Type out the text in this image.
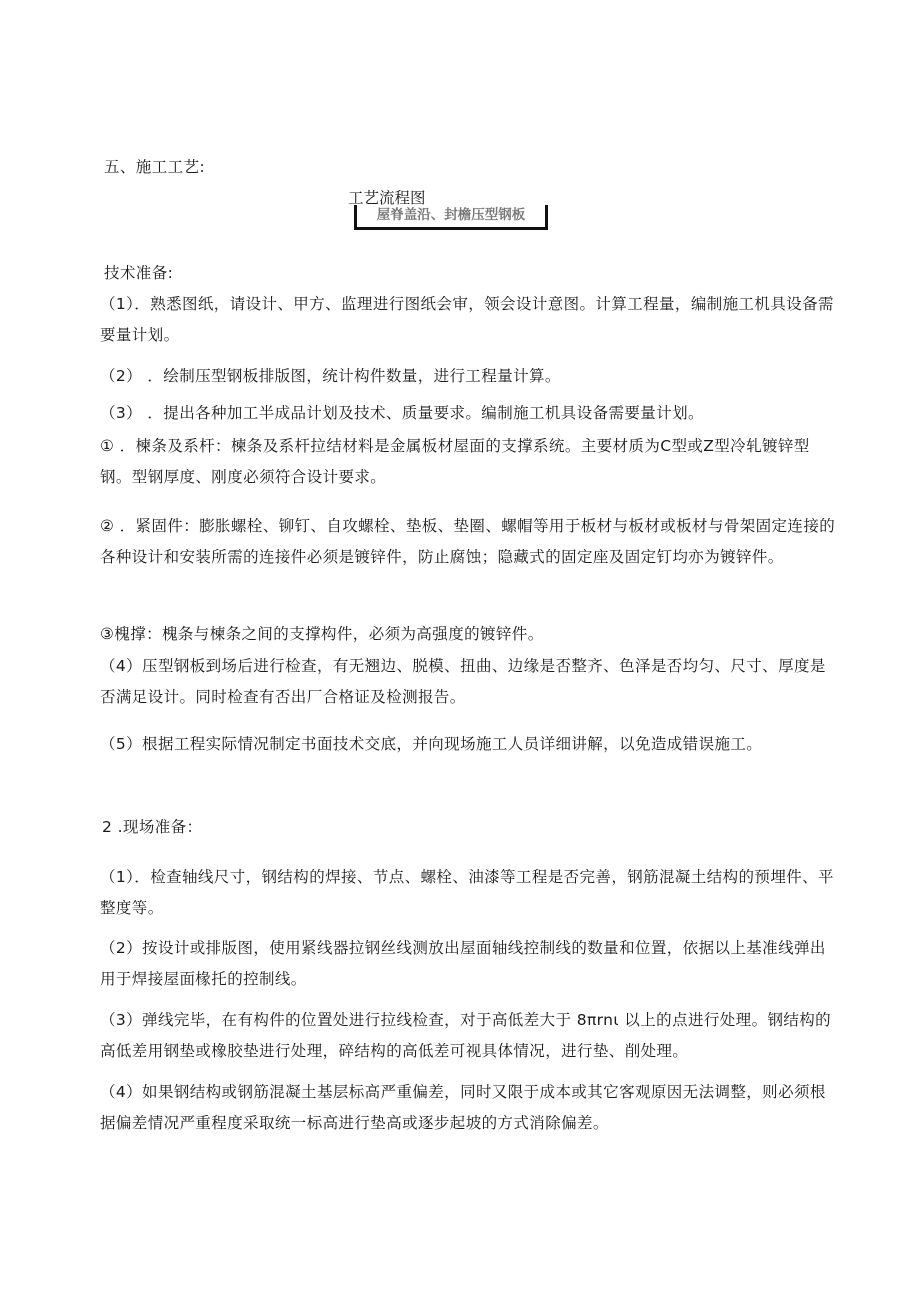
五、施工工艺:
工艺流程图
屋脊盖沿、封檐压型钢板
技术准备:

（1）．熟悉图纸，请设计、甲方、监理进行图纸会审，领会设计意图。计算工程量，编制施工机具设备需要量计划。

（2） ．绘制压型钢板排版图，统计构件数量，进行工程量计算。

（3） ．提出各种加工半成品计划及技术、质量要求。编制施工机具设备需要量计划。

① ．楝条及系杆：楝条及系杆拉结材料是金属板材屋面的支撑系统。主要材质为C型或Z型冷轧镀锌型钢。型钢厚度、刚度必须符合设计要求。

② ．紧固件：膨胀螺栓、铆钉、自攻螺栓、垫板、垫圈、螺帽等用于板材与板材或板材与骨架固定连接的各种设计和安装所需的连接件必须是镀锌件，防止腐蚀；隐藏式的固定座及固定钉均亦为镀锌件。

③槐撑：槐条与楝条之间的支撑构件，必须为高强度的镀锌件。

（4）压型钢板到场后进行检查，有无翘边、脱模、扭曲、边缘是否整齐、色泽是否均匀、尺寸、厚度是否满足设计。同时检查有否出厂合格证及检测报告。

（5）根据工程实际情况制定书面技术交底，并向现场施工人员详细讲解，以免造成错误施工。

2 .现场准备：

（1）．检查轴线尺寸，钢结构的焊接、节点、螺栓、油漆等工程是否完善，钢筋混凝土结构的预埋件、平整度等。

（2）按设计或排版图，使用紧线器拉钢丝线测放出屋面轴线控制线的数量和位置，依据以上基准线弹出用于焊接屋面椽托的控制线。

（3）弹线完毕，在有构件的位置处进行拉线检查，对于高低差大于 8πrnι 以上的点进行处理。钢结构的高低差用钢垫或橡胶垫进行处理，碎结构的高低差可视具体情况，进行垫、削处理。

（4）如果钢结构或钢筋混凝土基层标高严重偏差，同时又限于成本或其它客观原因无法调整，则必须根据偏差情况严重程度采取统一标高进行垫高或逐步起坡的方式消除偏差。
